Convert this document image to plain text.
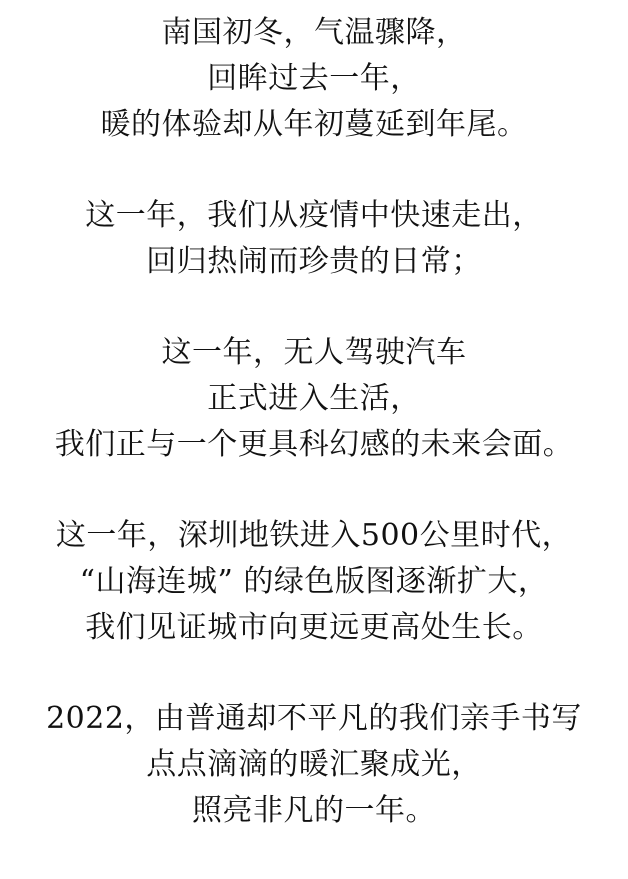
南国初冬，气温骤降，
回眸过去一年，
暖的体验却从年初蔓延到年尾。
这一年，我们从疫情中快速走出，
回归热闹而珍贵的日常；
这一年，无人驾驶汽车
正式进入生活，
我们正与一个更具科幻感的未来会面。
这一年，深圳地铁进入500公里时代，
“山海连城” 的绿色版图逐渐扩大，
我们见证城市向更远更高处生长。
2022，由普通却不平凡的我们亲手书写
点点滴滴的暖汇聚成光，
照亮非凡的一年。
